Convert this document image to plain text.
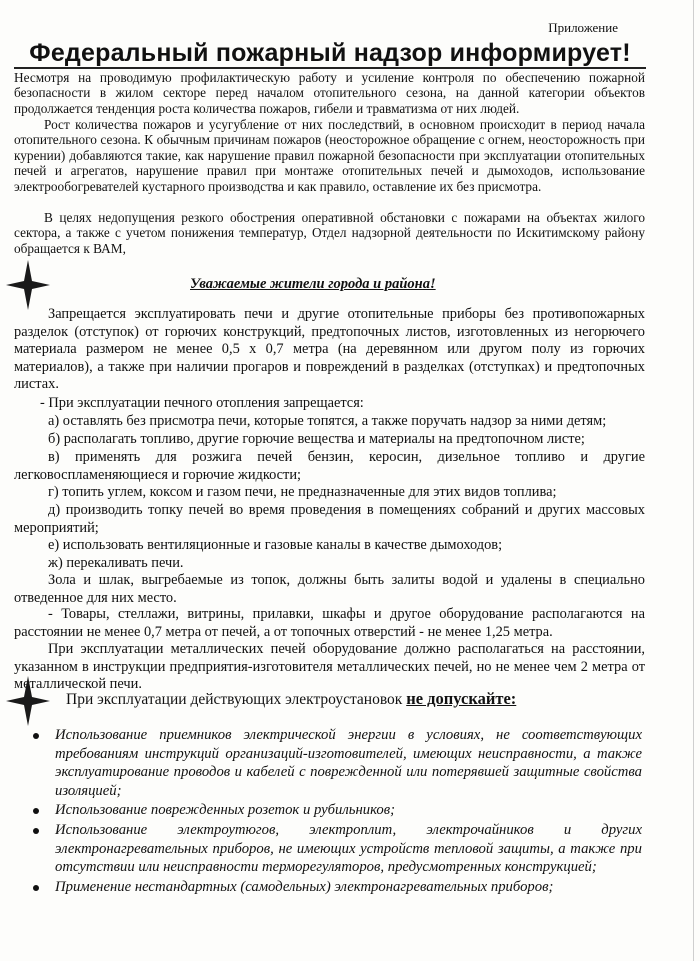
Приложение
Федеральный пожарный надзор информирует!

Несмотря на проводимую профилактическую работу и усиление контроля по обеспечению пожарной безопасности в жилом секторе перед началом отопительного сезона, на данной категории объектов продолжается тенденция роста количества пожаров, гибели и травматизма от них людей.

Рост количества пожаров и усугубление от них последствий, в основном происходит в период начала отопительного сезона. К обычным причинам пожаров (неосторожное обращение с огнем, неосторожность при курении) добавляются такие, как нарушение правил пожарной безопасности при эксплуатации отопительных печей и агрегатов, нарушение правил при монтаже отопительных печей и дымоходов, использование электрообогревателей кустарного производства и как правило, оставление их без присмотра.

В целях недопущения резкого обострения оперативной обстановки с пожарами на объектах жилого сектора, а также с учетом понижения температур, Отдел надзорной деятельности по Искитимскому району обращается к ВАМ,

Уважаемые жители города и района!

Запрещается эксплуатировать печи и другие отопительные приборы без противопожарных разделок (отступок) от горючих конструкций, предтопочных листов, изготовленных из негорючего материала размером не менее 0,5 х 0,7 метра (на деревянном или другом полу из горючих материалов), а также при наличии прогаров и повреждений в разделках (отступках) и предтопочных листах.

- При эксплуатации печного отопления запрещается:

а) оставлять без присмотра печи, которые топятся, а также поручать надзор за ними детям;

б) располагать топливо, другие горючие вещества и материалы на предтопочном листе;

в) применять для розжига печей бензин, керосин, дизельное топливо и другие легковоспламеняющиеся и горючие жидкости;

г) топить углем, коксом и газом печи, не предназначенные для этих видов топлива;

д) производить топку печей во время проведения в помещениях собраний и других массовых мероприятий;

е) использовать вентиляционные и газовые каналы в качестве дымоходов;

ж) перекаливать печи.

Зола и шлак, выгребаемые из топок, должны быть залиты водой и удалены в специально отведенное для них место.

- Товары, стеллажи, витрины, прилавки, шкафы и другое оборудование располагаются на расстоянии не менее 0,7 метра от печей, а от топочных отверстий - не менее 1,25 метра.

При эксплуатации металлических печей оборудование должно располагаться на расстоянии, указанном в инструкции предприятия-изготовителя металлических печей, но не менее чем 2 метра от металлической печи.

При эксплуатации действующих электроустановок не допускайте:
Использование приемников электрической энергии в условиях, не соответствующих требованиям инструкций организаций-изготовителей, имеющих неисправности, а также эксплуатирование проводов и кабелей с поврежденной или потерявшей защитные свойства изоляцией;
Использование поврежденных розеток и рубильников;
Использование электроутюгов, электроплит, электрочайников и других электронагревательных приборов, не имеющих устройств тепловой защиты, а также при отсутствии или неисправности терморегуляторов, предусмотренных конструкцией;
Применение нестандартных (самодельных) электронагревательных приборов;
